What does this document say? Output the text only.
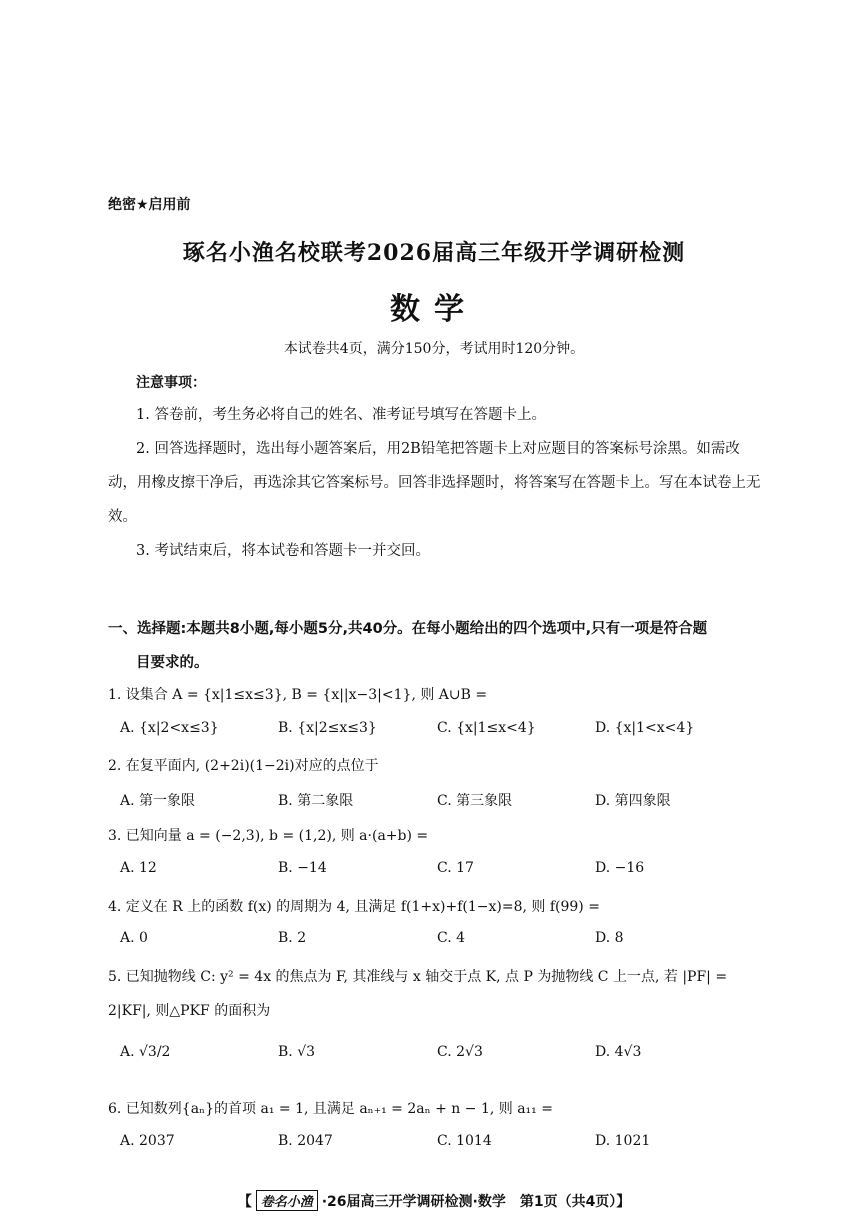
绝密★启用前
琢名小渔名校联考2026届高三年级开学调研检测
数学
本试卷共4页，满分150分，考试用时120分钟。
注意事项：
1. 答卷前，考生务必将自己的姓名、准考证号填写在答题卡上。
2. 回答选择题时，选出每小题答案后，用2B铅笔把答题卡上对应题目的答案标号涂黑。如需改动，用橡皮擦干净后，再选涂其它答案标号。回答非选择题时，将答案写在答题卡上。写在本试卷上无效。
3. 考试结束后，将本试卷和答题卡一并交回。
一、选择题:本题共8小题,每小题5分,共40分。在每小题给出的四个选项中,只有一项是符合题
目要求的。
1. 设集合 A = {x|1≤x≤3}, B = {x||x−3|<1}, 则 A∪B =
A. {x|2<x≤3}	B. {x|2≤x≤3}	C. {x|1≤x<4}	D. {x|1<x<4}
2. 在复平面内, (2+2i)(1−2i)对应的点位于
A. 第一象限	B. 第二象限	C. 第三象限	D. 第四象限
3. 已知向量 a = (−2,3), b = (1,2), 则 a·(a+b) =
A. 12	B. −14	C. 17	D. −16
4. 定义在 R 上的函数 f(x) 的周期为 4, 且满足 f(1+x)+f(1−x)=8, 则 f(99) =
A. 0	B. 2	C. 4	D. 8
5. 已知抛物线 C: y² = 4x 的焦点为 F, 其准线与 x 轴交于点 K, 点 P 为抛物线 C 上一点, 若 |PF| =
2|KF|, 则△PKF 的面积为
A. √3/2	B. √3	C. 2√3	D. 4√3
6. 已知数列{aₙ}的首项 a₁ = 1, 且满足 aₙ₊₁ = 2aₙ + n − 1, 则 a₁₁ =
A. 2037	B. 2047	C. 1014	D. 1021
【 卷名小渔 ·26届高三开学调研检测·数学　第1页（共4页）】
